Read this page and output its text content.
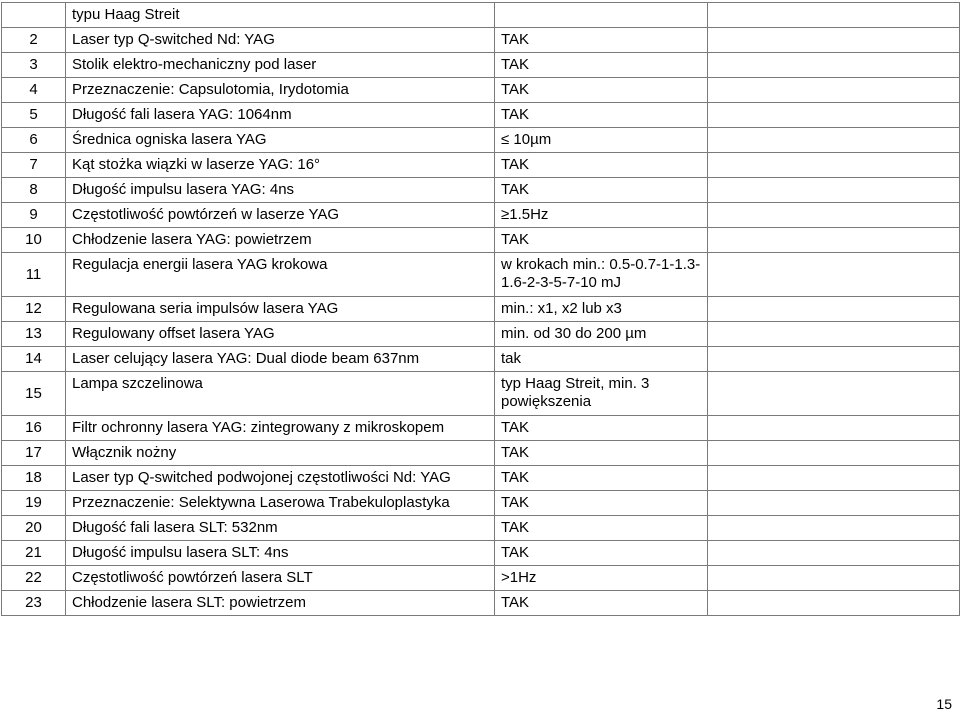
	typu Haag Streit		
2	Laser typ Q-switched Nd: YAG	TAK	
3	Stolik elektro-mechaniczny pod laser	TAK	
4	Przeznaczenie: Capsulotomia, Irydotomia	TAK	
5	Długość fali lasera YAG: 1064nm	TAK	
6	Średnica ogniska lasera YAG	≤ 10µm	
7	Kąt stożka wiązki w laserze YAG: 16°	TAK	
8	Długość impulsu lasera YAG: 4ns	TAK	
9	Częstotliwość powtórzeń w laserze YAG	≥1.5Hz	
10	Chłodzenie lasera YAG: powietrzem	TAK	
11	Regulacja energii lasera YAG krokowa	w krokach min.: 0.5-0.7-1-1.3-1.6-2-3-5-7-10 mJ	
12	Regulowana seria impulsów lasera YAG	min.: x1, x2 lub x3	
13	Regulowany offset lasera YAG	min. od 30 do 200 µm	
14	Laser celujący lasera YAG: Dual diode beam 637nm	tak	
15	Lampa szczelinowa	typ Haag Streit, min. 3 powiększenia	
16	Filtr ochronny lasera YAG: zintegrowany z mikroskopem	TAK	
17	Włącznik nożny	TAK	
18	Laser typ Q-switched podwojonej częstotliwości Nd: YAG	TAK	
19	Przeznaczenie: Selektywna Laserowa Trabekuloplastyka	TAK	
20	Długość fali lasera SLT: 532nm	TAK	
21	Długość impulsu lasera SLT: 4ns	TAK	
22	Częstotliwość powtórzeń lasera SLT	>1Hz	
23	Chłodzenie lasera SLT: powietrzem	TAK	
15
